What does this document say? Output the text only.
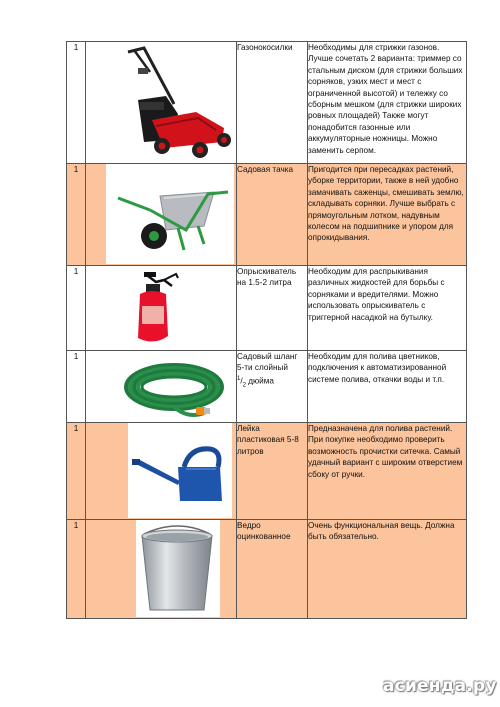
1		Газонокосилки	Необходимы для стрижки газонов. Лучше сочетать 2 варианта: триммер со стальным диском (для стрижки больших сорняков, узких мест и мест с ограниченной высотой) и тележку со сборным мешком (для стрижки широких ровных площадей) Также могут понадобится газонные или аккумуляторные ножницы. Можно заменить серпом.
1		Садовая тачка	Пригодится при пересадках растений, уборке территории, также в ней удобно замачивать саженцы, смешивать землю, складывать сорняки. Лучше выбрать с прямоугольным лотком, надувным колесом на подшипнике и упором для опрокидывания.
1		Опрыскиватель на 1.5-2 литра	Необходим для распрыкивания различных жидкостей для борьбы с сорняками и вредителями. Можно использовать опрыскиватель с триггерной насадкой на бутылку.
1		Садовый шланг
5-ти слойный
$^1/_2$ дюйма	Необходим для полива цветников, подключения к автоматизированной системе полива, откачки воды и т.п.
1		Лейка пластиковая 5-8 литров	Предназначена для полива растений. При покупке необходимо проверить возможность прочистки ситечка. Самый удачный вариант с широким отверстием сбоку от ручки.
1		Ведро оцинкованное	Очень функциональная вещь. Должна быть обязательно.
асиенда.ру
